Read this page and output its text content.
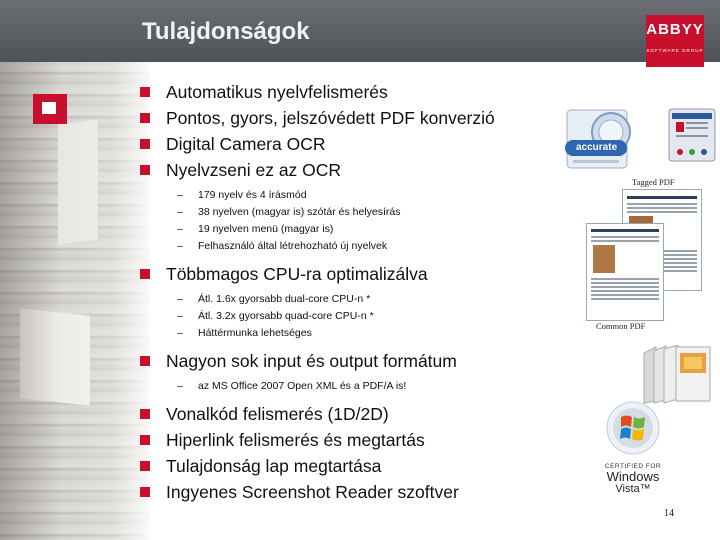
Tulajdonságok	ABBYY
SOFTWARE GROUP
Automatikus nyelvfelismerés
Pontos, gyors, jelszóvédett PDF konverzió
Digital Camera OCR
Nyelvzseni ez az OCR
– 179 nyelv és 4 írásmód
– 38 nyelven (magyar is) szótár és helyesírás
– 19 nyelven menü (magyar is)
– Felhasználó által létrehozható új nyelvek
Többmagos CPU-ra optimalizálva
– Átl. 1.6x gyorsabb dual-core CPU-n *
– Átl. 3.2x gyorsabb quad-core CPU-n *
– Háttérmunka lehetséges
Nagyon sok input és output formátum
– az MS Office 2007 Open XML és a PDF/A is!
Vonalkód felismerés (1D/2D)
Hiperlink felismerés és megtartás
Tulajdonság lap megtartása
Ingyenes Screenshot Reader szoftver
accurate
Tagged PDF
Common PDF
CERTIFIED FOR
Windows
Vista™
14
